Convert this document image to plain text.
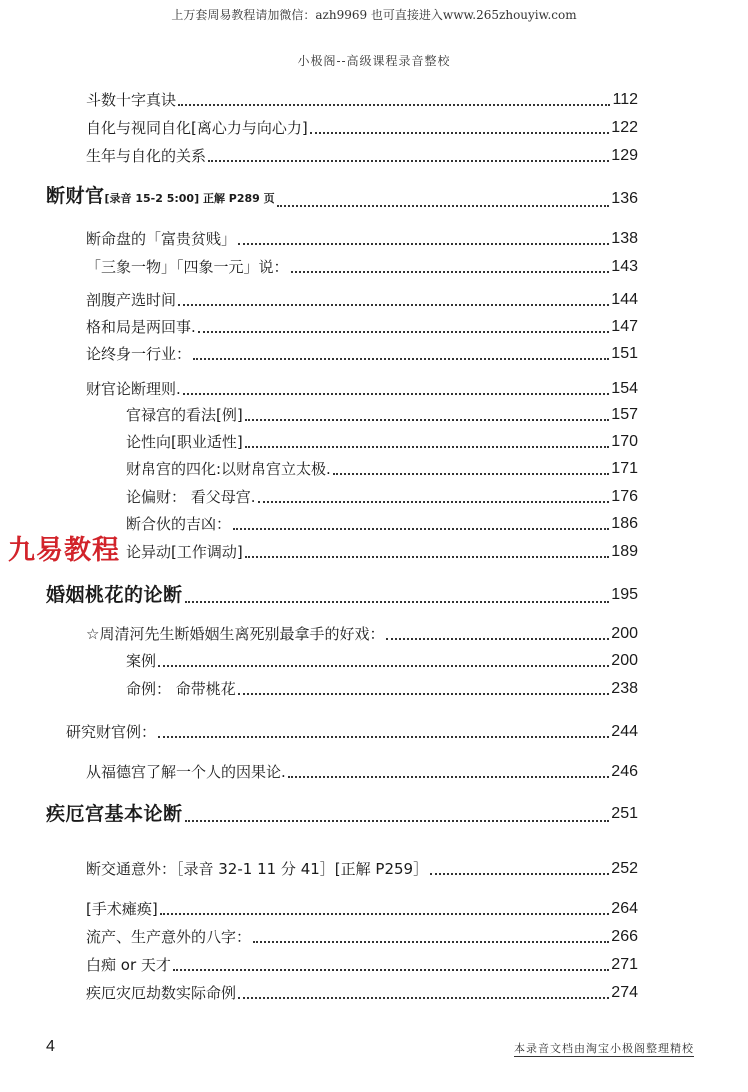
上万套周易教程请加微信：azh9969 也可直接进入www.265zhouyiw.com
小极阁--高级课程录音整校
斗数十字真诀	112
自化与视同自化[离心力与向心力]	122
生年与自化的关系	129
断财官[录音 15-2 5:00] 正解 P289 页	136
断命盘的「富贵贫贱」	138
「三象一物」「四象一元」说：	143
剖腹产选时间	144
格和局是两回事.	147
论终身一行业：	151
财官论断理则.	154
官禄宫的看法[例]	157
论性向[职业适性]	170
财帛宫的四化:以财帛宫立太极.	171
论偏财： 看父母宫.	176
断合伙的吉凶：	186
论异动[工作调动]	189
婚姻桃花的论断	195
☆周清河先生断婚姻生离死别最拿手的好戏：	200
案例	200
命例： 命带桃花	238
研究财官例：	244
从福德宫了解一个人的因果论.	246
疾厄宫基本论断	251
断交通意外：［录音 32-1 11 分 41］[正解 P259］	252
[手术瘫痪]	264
流产、生产意外的八字：	266
白痴 or 天才	271
疾厄灾厄劫数实际命例	274
九易教程
4	本录音文档由淘宝小极阁整理精校
